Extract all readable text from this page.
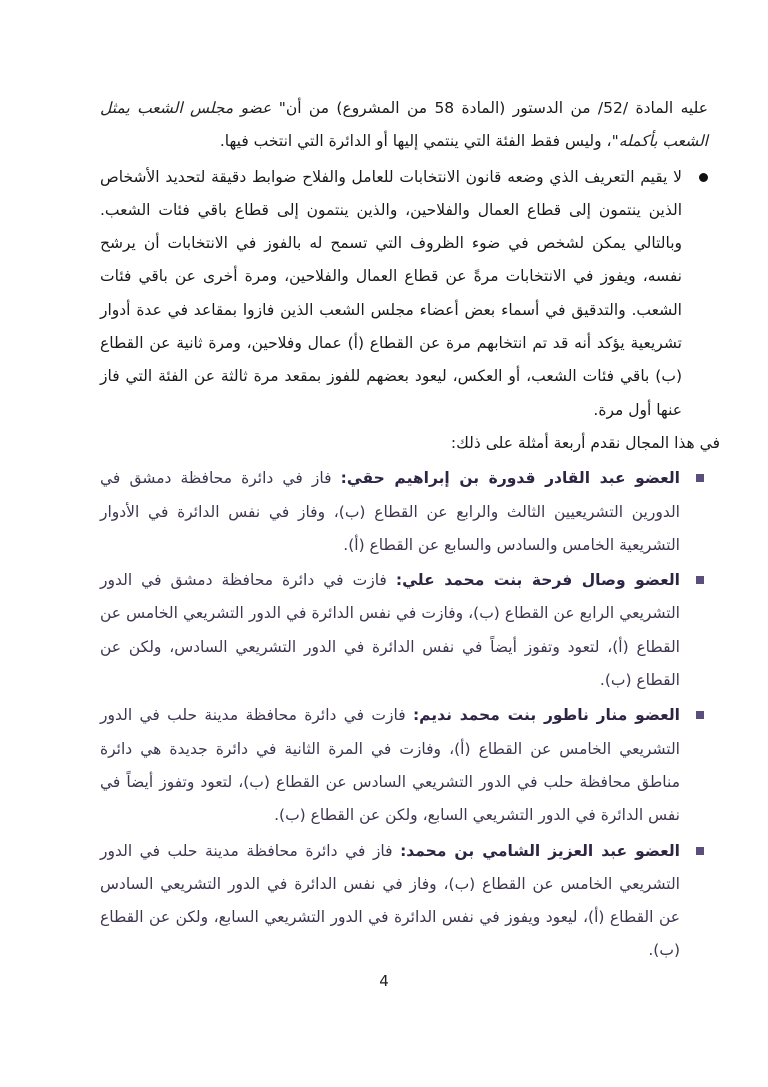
عليه المادة /52/ من الدستور (المادة 58 من المشروع) من أن" عضو مجلس الشعب يمثل الشعب بأكمله"، وليس فقط الفئة التي ينتمي إليها أو الدائرة التي انتخب فيها.

لا يقيم التعريف الذي وضعه قانون الانتخابات للعامل والفلاح ضوابط دقيقة لتحديد الأشخاص الذين ينتمون إلى قطاع العمال والفلاحين، والذين ينتمون إلى قطاع باقي فئات الشعب. وبالتالي يمكن لشخص في ضوء الظروف التي تسمح له بالفوز في الانتخابات أن يرشح نفسه، ويفوز في الانتخابات مرةً عن قطاع العمال والفلاحين، ومرة أخرى عن باقي فئات الشعب. والتدقيق في أسماء بعض أعضاء مجلس الشعب الذين فازوا بمقاعد في عدة أدوار تشريعية يؤكد أنه قد تم انتخابهم مرة عن القطاع (أ) عمال وفلاحين، ومرة ثانية عن القطاع (ب) باقي فئات الشعب، أو العكس، ليعود بعضهم للفوز بمقعد مرة ثالثة عن الفئة التي فاز عنها أول مرة.

في هذا المجال نقدم أربعة أمثلة على ذلك:

العضو عبد القادر قدورة بن إبراهيم حقي: فاز في دائرة محافظة دمشق في الدورين التشريعيين الثالث والرابع عن القطاع (ب)، وفاز في نفس الدائرة في الأدوار التشريعية الخامس والسادس والسابع عن القطاع (أ).

العضو وصال فرحة بنت محمد علي: فازت في دائرة محافظة دمشق في الدور التشريعي الرابع عن القطاع (ب)، وفازت في نفس الدائرة في الدور التشريعي الخامس عن القطاع (أ)، لتعود وتفوز أيضاً في نفس الدائرة في الدور التشريعي السادس، ولكن عن القطاع (ب).

العضو منار ناطور بنت محمد نديم: فازت في دائرة محافظة مدينة حلب في الدور التشريعي الخامس عن القطاع (أ)، وفازت في المرة الثانية في دائرة جديدة هي دائرة مناطق محافظة حلب في الدور التشريعي السادس عن القطاع (ب)، لتعود وتفوز أيضاً في نفس الدائرة في الدور التشريعي السابع، ولكن عن القطاع (ب).

العضو عبد العزيز الشامي بن محمد: فاز في دائرة محافظة مدينة حلب في الدور التشريعي الخامس عن القطاع (ب)، وفاز في نفس الدائرة في الدور التشريعي السادس عن القطاع (أ)، ليعود ويفوز في نفس الدائرة في الدور التشريعي السابع، ولكن عن القطاع (ب).

4
